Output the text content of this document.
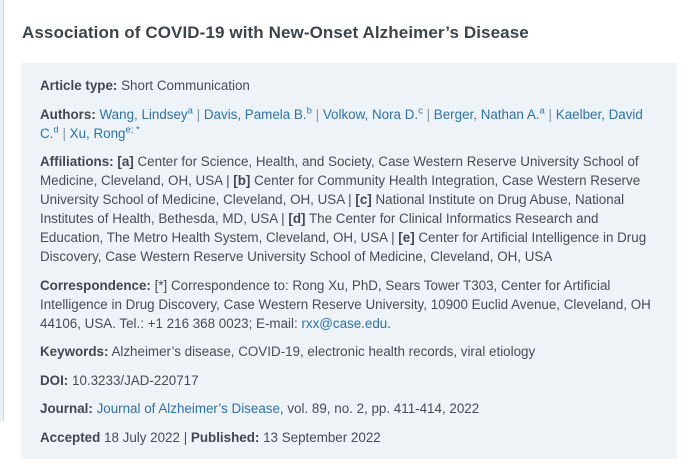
Association of COVID-19 with New-Onset Alzheimer’s Disease

Article type: Short Communication

Authors: Wang, Lindsey$^a$ | Davis, Pamela B.$^b$ | Volkow, Nora D.$^c$ | Berger, Nathan A.$^a$ | Kaelber, David C.$^d$ | Xu, Rong$^{e; *}$

Affiliations: [a] Center for Science, Health, and Society, Case Western Reserve University School of Medicine, Cleveland, OH, USA | [b] Center for Community Health Integration, Case Western Reserve University School of Medicine, Cleveland, OH, USA | [c] National Institute on Drug Abuse, National Institutes of Health, Bethesda, MD, USA | [d] The Center for Clinical Informatics Research and Education, The Metro Health System, Cleveland, OH, USA | [e] Center for Artificial Intelligence in Drug Discovery, Case Western Reserve University School of Medicine, Cleveland, OH, USA

Correspondence: [*] Correspondence to: Rong Xu, PhD, Sears Tower T303, Center for Artificial Intelligence in Drug Discovery, Case Western Reserve University, 10900 Euclid Avenue, Cleveland, OH 44106, USA. Tel.: +1 216 368 0023; E-mail: rxx@case.edu.

Keywords: Alzheimer’s disease, COVID-19, electronic health records, viral etiology

DOI: 10.3233/JAD-220717

Journal: Journal of Alzheimer’s Disease, vol. 89, no. 2, pp. 411-414, 2022

Accepted 18 July 2022 | Published: 13 September 2022
